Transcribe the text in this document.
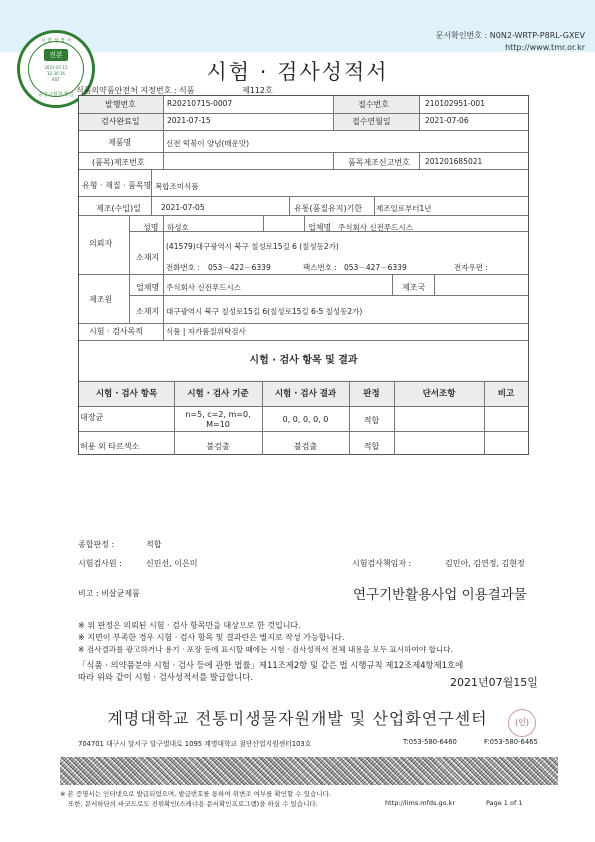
문서확인번호 : N0N2-WRTP-P8RL-GXEV
http://www.tmr.or.kr
시 험 성 적 서
진본
2021-07-15
12:30:16
KST
중앙시험원 확인
시험 · 검사성적서
식품의약품안전처 지정번호 : 식품	제112호
발행번호	R20210715-0007	접수번호	210102951-001
검사완료일	2021-07-15	접수연월일	2021-07-06
제품명	신전 떡볶이 양념(매운맛)
(품목)제조번호	품목제조신고번호 201201685021
유형 · 재질 · 품목명 복합조미식품
제조(수입)일	2021-07-05	유통(품질유지)기한 제조일로부터1년
의뢰자
성명 하성호	업체명 주식회사 신전푸드시스
소재지
(41579)대구광역시 북구 칠성로15길 6 (칠성동2가)
전화번호 : 053－422－6339	팩스번호 : 053－427－6339	전자우편 :
제조원
업체명 주식회사 신전푸드시스	제조국
소재지 대구광역시 북구 칠성로15길 6(칠성로15길 6-5 칠성동2가)
시험 · 검사목적	식품 | 자가품질위탁검사
시험 · 검사 항목 및 결과
시험 · 검사 항목	시험 · 검사 기준	시험 · 검사 결과	판정	단서조항	비고
대장균	n=5, c=2, m=0,
M=10
0, 0, 0, 0, 0	적합
허용 외 타르색소	불검출	불검출	적합
종합판정 :	적합
시험검사원 :	신민선, 이은미	시험검사책임자 :	김민아, 김연정, 김현정
비고 : 비살균제품	연구기반활용사업 이용결과물
※ 위 판정은 의뢰된 시험 · 검사 항목만을 대상으로 한 것입니다.
※ 지면이 부족한 경우 시험 · 검사 항목 및 결과란은 별지로 작성 가능합니다.
※ 검사결과를 광고하거나 용기 · 포장 등에 표시할 때에는 시험 · 검사성적서 전체 내용을 모두 표시하여야 합니다.
「식품 · 의약품분야 시험 · 검사 등에 관한 법률」제11조제2항 및 같은 법 시행규칙 제12조제4항제1호에
따라 위와 같이 시험 · 검사성적서를 발급합니다.	2021년07월15일
계명대학교 전통미생물자원개발 및 산업화연구센터	(인)
704701 대구시 달서구 달구벌대로 1095 계명대학교 첨단산업지원센터103호	T:053-580-6460	F:053-580-6465
※ 본 증명서는 인터넷으로 발급되었으며, 발급번호를 통하여 위변조 여부를 확인할 수 있습니다.
또한, 문서하단의 바코드로도 진위확인(스캐너용 문서확인프로그램)을 하실 수 있습니다.	http://lims.mfds.go.kr	Page 1 of 1
